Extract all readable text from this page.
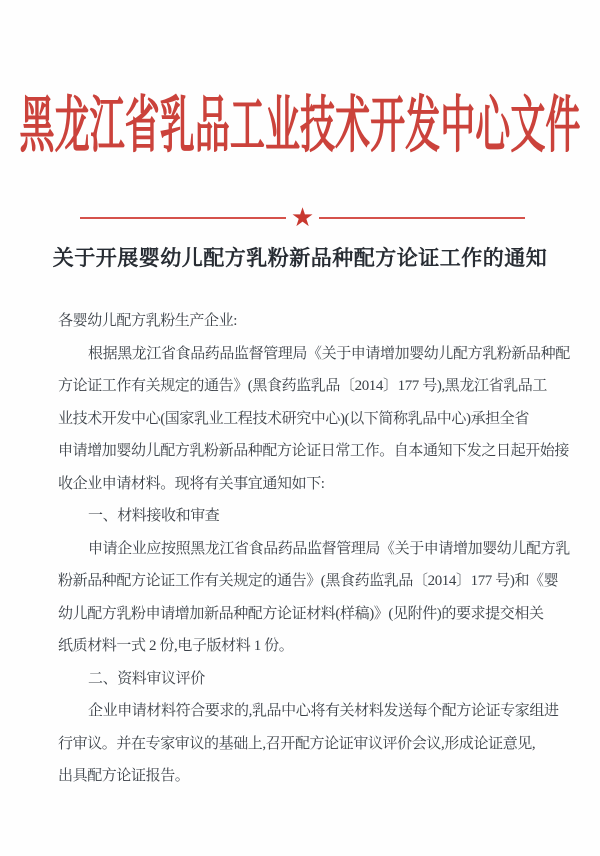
黑龙江省乳品工业技术开发中心文件
★
关于开展婴幼儿配方乳粉新品种配方论证工作的通知
各婴幼儿配方乳粉生产企业:
根据黑龙江省食品药品监督管理局《关于申请增加婴幼儿配方乳粉新品种配
方论证工作有关规定的通告》(黑食药监乳品〔2014〕177 号),黑龙江省乳品工
业技术开发中心(国家乳业工程技术研究中心)(以下简称乳品中心)承担全省
申请增加婴幼儿配方乳粉新品种配方论证日常工作。自本通知下发之日起开始接
收企业申请材料。现将有关事宜通知如下:
一、材料接收和审查
申请企业应按照黑龙江省食品药品监督管理局《关于申请增加婴幼儿配方乳
粉新品种配方论证工作有关规定的通告》(黑食药监乳品〔2014〕177 号)和《婴
幼儿配方乳粉申请增加新品种配方论证材料(样稿)》(见附件)的要求提交相关
纸质材料一式 2 份,电子版材料 1 份。
二、资料审议评价
企业申请材料符合要求的,乳品中心将有关材料发送每个配方论证专家组进
行审议。并在专家审议的基础上,召开配方论证审议评价会议,形成论证意见,
出具配方论证报告。
